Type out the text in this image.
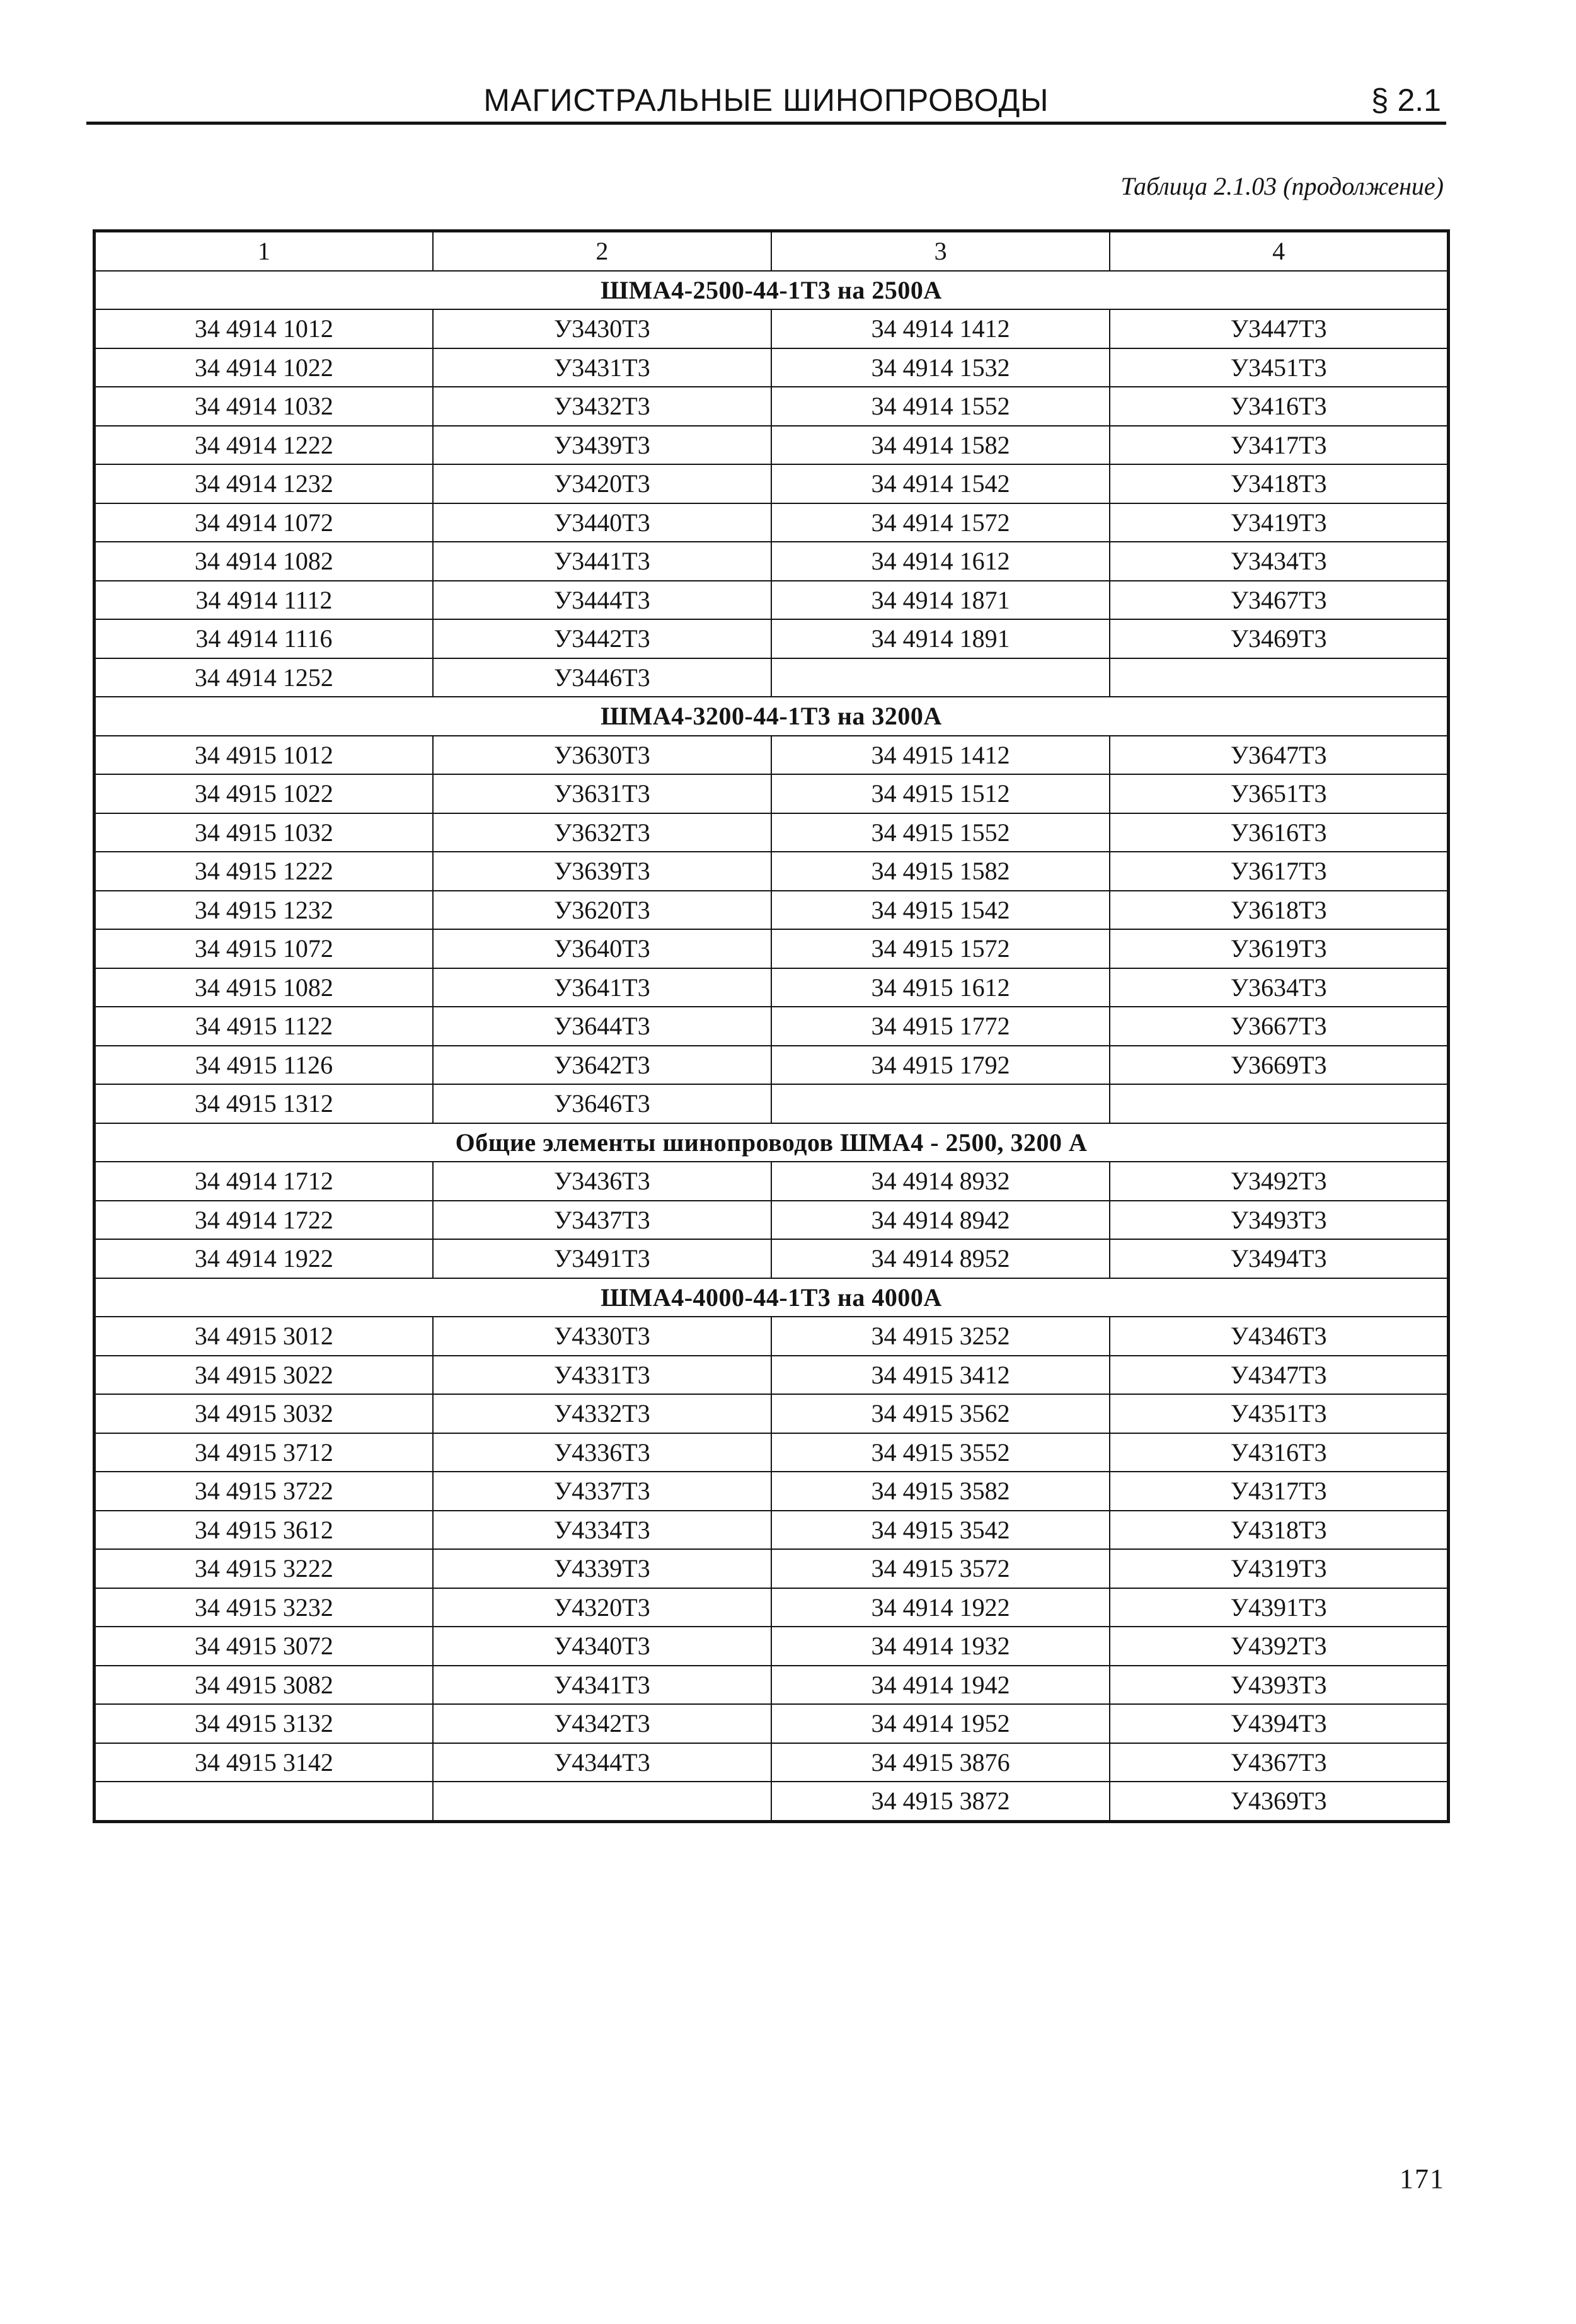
МАГИСТРАЛЬНЫЕ ШИНОПРОВОДЫ	§ 2.1
Таблица 2.1.03 (продолжение)
1	2	3	4
ШМА4-2500-44-1Т3 на 2500А			
34 4914 1012	У3430Т3	34 4914 1412	У3447Т3
34 4914 1022	У3431Т3	34 4914 1532	У3451Т3
34 4914 1032	У3432Т3	34 4914 1552	У3416Т3
34 4914 1222	У3439Т3	34 4914 1582	У3417Т3
34 4914 1232	У3420Т3	34 4914 1542	У3418Т3
34 4914 1072	У3440Т3	34 4914 1572	У3419Т3
34 4914 1082	У3441Т3	34 4914 1612	У3434Т3
34 4914 1112	У3444Т3	34 4914 1871	У3467Т3
34 4914 1116	У3442Т3	34 4914 1891	У3469Т3
34 4914 1252	У3446Т3		
ШМА4-3200-44-1Т3 на 3200А			
34 4915 1012	У3630Т3	34 4915 1412	У3647Т3
34 4915 1022	У3631Т3	34 4915 1512	У3651Т3
34 4915 1032	У3632Т3	34 4915 1552	У3616Т3
34 4915 1222	У3639Т3	34 4915 1582	У3617Т3
34 4915 1232	У3620Т3	34 4915 1542	У3618Т3
34 4915 1072	У3640Т3	34 4915 1572	У3619Т3
34 4915 1082	У3641Т3	34 4915 1612	У3634Т3
34 4915 1122	У3644Т3	34 4915 1772	У3667Т3
34 4915 1126	У3642Т3	34 4915 1792	У3669Т3
34 4915 1312	У3646Т3		
Общие элементы шинопроводов ШМА4 - 2500, 3200 А			
34 4914 1712	У3436Т3	34 4914 8932	У3492Т3
34 4914 1722	У3437Т3	34 4914 8942	У3493Т3
34 4914 1922	У3491Т3	34 4914 8952	У3494Т3
ШМА4-4000-44-1Т3 на 4000А			
34 4915 3012	У4330Т3	34 4915 3252	У4346Т3
34 4915 3022	У4331Т3	34 4915 3412	У4347Т3
34 4915 3032	У4332Т3	34 4915 3562	У4351Т3
34 4915 3712	У4336Т3	34 4915 3552	У4316Т3
34 4915 3722	У4337Т3	34 4915 3582	У4317Т3
34 4915 3612	У4334Т3	34 4915 3542	У4318Т3
34 4915 3222	У4339Т3	34 4915 3572	У4319Т3
34 4915 3232	У4320Т3	34 4914 1922	У4391Т3
34 4915 3072	У4340Т3	34 4914 1932	У4392Т3
34 4915 3082	У4341Т3	34 4914 1942	У4393Т3
34 4915 3132	У4342Т3	34 4914 1952	У4394Т3
34 4915 3142	У4344Т3	34 4915 3876	У4367Т3
		34 4915 3872	У4369Т3
171
